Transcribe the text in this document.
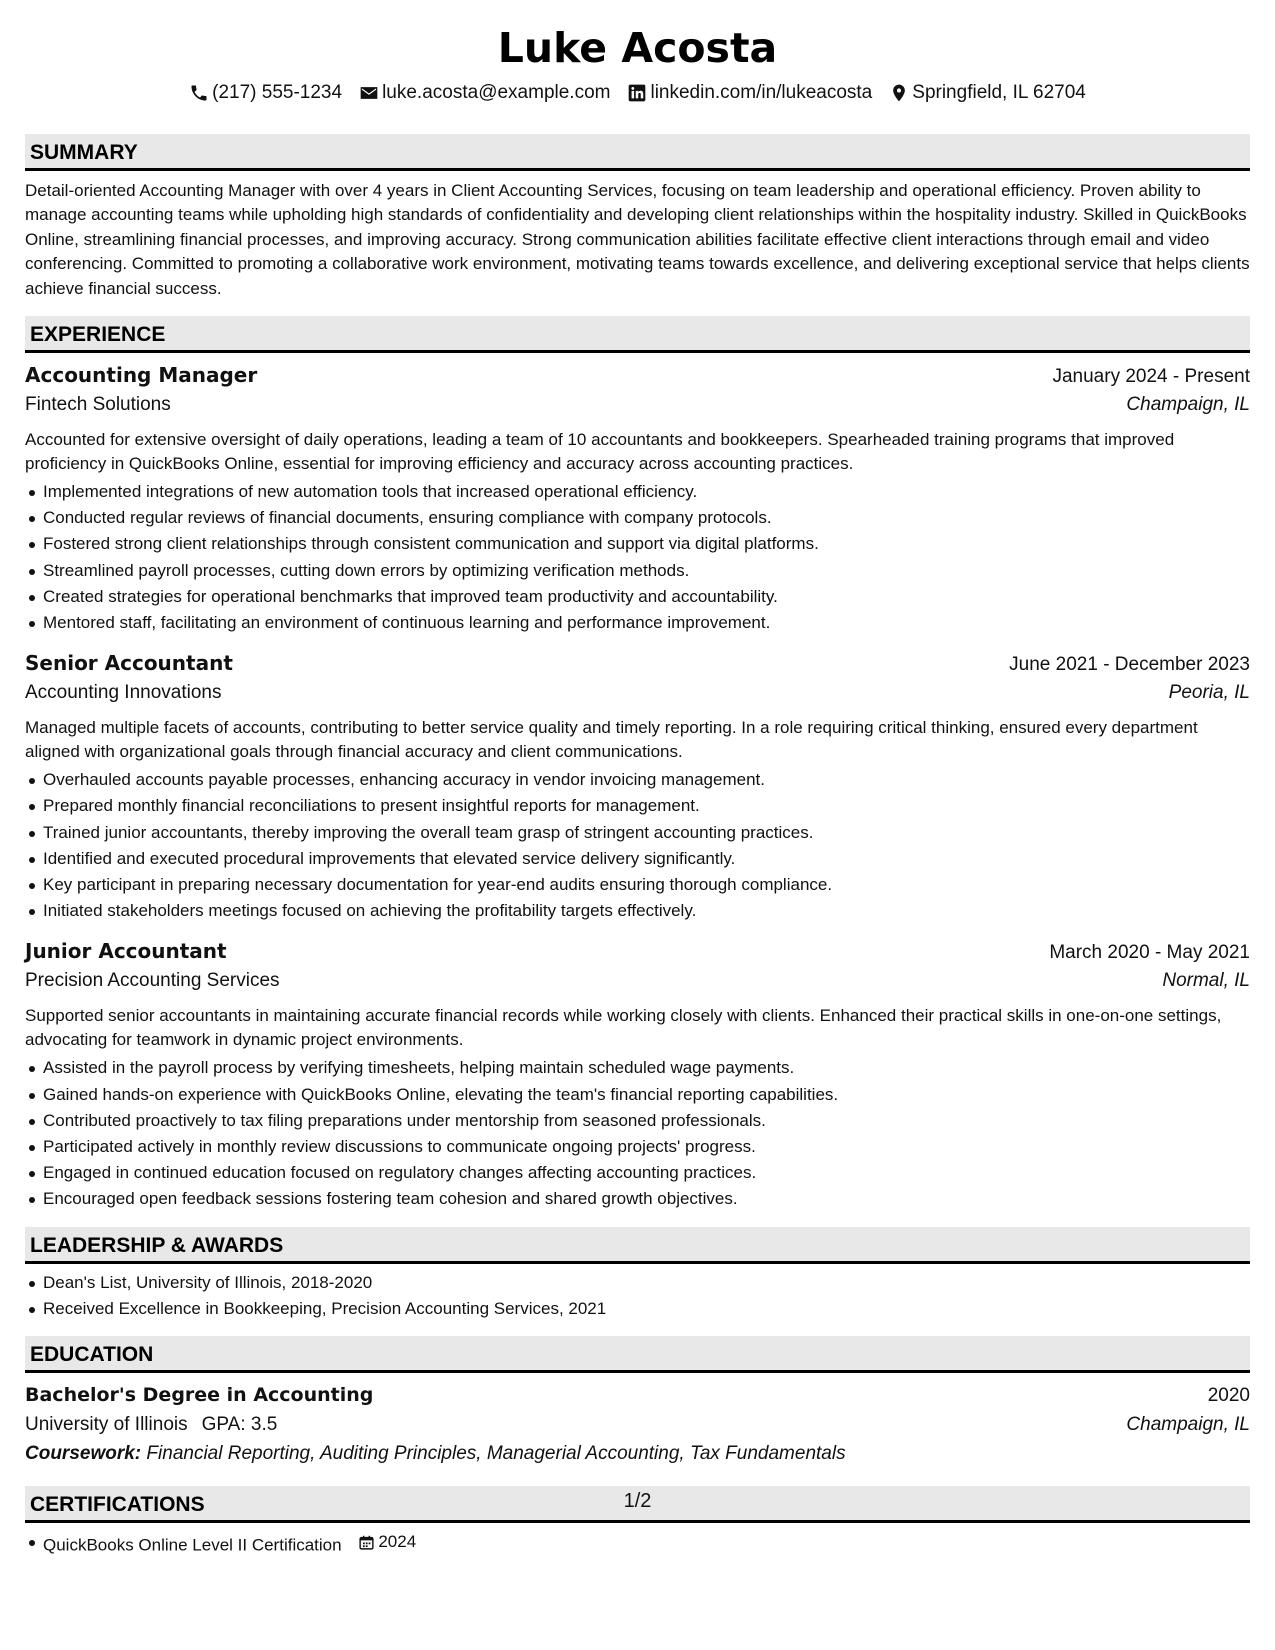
Luke Acosta
(217) 555-1234 luke.acosta@example.com linkedin.com/in/lukeacosta Springfield, IL 62704
SUMMARY
Detail-oriented Accounting Manager with over 4 years in Client Accounting Services, focusing on team leadership and operational efficiency. Proven ability to manage accounting teams while upholding high standards of confidentiality and developing client relationships within the hospitality industry. Skilled in QuickBooks Online, streamlining financial processes, and improving accuracy. Strong communication abilities facilitate effective client interactions through email and video conferencing. Committed to promoting a collaborative work environment, motivating teams towards excellence, and delivering exceptional service that helps clients achieve financial success.
EXPERIENCE
Accounting Manager	January 2024 - Present
Fintech Solutions	Champaign, IL
Accounted for extensive oversight of daily operations, leading a team of 10 accountants and bookkeepers. Spearheaded training programs that improved proficiency in QuickBooks Online, essential for improving efficiency and accuracy across accounting practices.
Implemented integrations of new automation tools that increased operational efficiency.
Conducted regular reviews of financial documents, ensuring compliance with company protocols.
Fostered strong client relationships through consistent communication and support via digital platforms.
Streamlined payroll processes, cutting down errors by optimizing verification methods.
Created strategies for operational benchmarks that improved team productivity and accountability.
Mentored staff, facilitating an environment of continuous learning and performance improvement.
Senior Accountant	June 2021 - December 2023
Accounting Innovations	Peoria, IL
Managed multiple facets of accounts, contributing to better service quality and timely reporting. In a role requiring critical thinking, ensured every department aligned with organizational goals through financial accuracy and client communications.
Overhauled accounts payable processes, enhancing accuracy in vendor invoicing management.
Prepared monthly financial reconciliations to present insightful reports for management.
Trained junior accountants, thereby improving the overall team grasp of stringent accounting practices.
Identified and executed procedural improvements that elevated service delivery significantly.
Key participant in preparing necessary documentation for year-end audits ensuring thorough compliance.
Initiated stakeholders meetings focused on achieving the profitability targets effectively.
Junior Accountant	March 2020 - May 2021
Precision Accounting Services	Normal, IL
Supported senior accountants in maintaining accurate financial records while working closely with clients. Enhanced their practical skills in one-on-one settings, advocating for teamwork in dynamic project environments.
Assisted in the payroll process by verifying timesheets, helping maintain scheduled wage payments.
Gained hands-on experience with QuickBooks Online, elevating the team's financial reporting capabilities.
Contributed proactively to tax filing preparations under mentorship from seasoned professionals.
Participated actively in monthly review discussions to communicate ongoing projects' progress.
Engaged in continued education focused on regulatory changes affecting accounting practices.
Encouraged open feedback sessions fostering team cohesion and shared growth objectives.
LEADERSHIP & AWARDS
Dean's List, University of Illinois, 2018-2020
Received Excellence in Bookkeeping, Precision Accounting Services, 2021
EDUCATION
Bachelor's Degree in Accounting	2020
University of Illinois GPA: 3.5	Champaign, IL
Coursework: Financial Reporting, Auditing Principles, Managerial Accounting, Tax Fundamentals
CERTIFICATIONS
QuickBooks Online Level II Certification 2024
1/2
